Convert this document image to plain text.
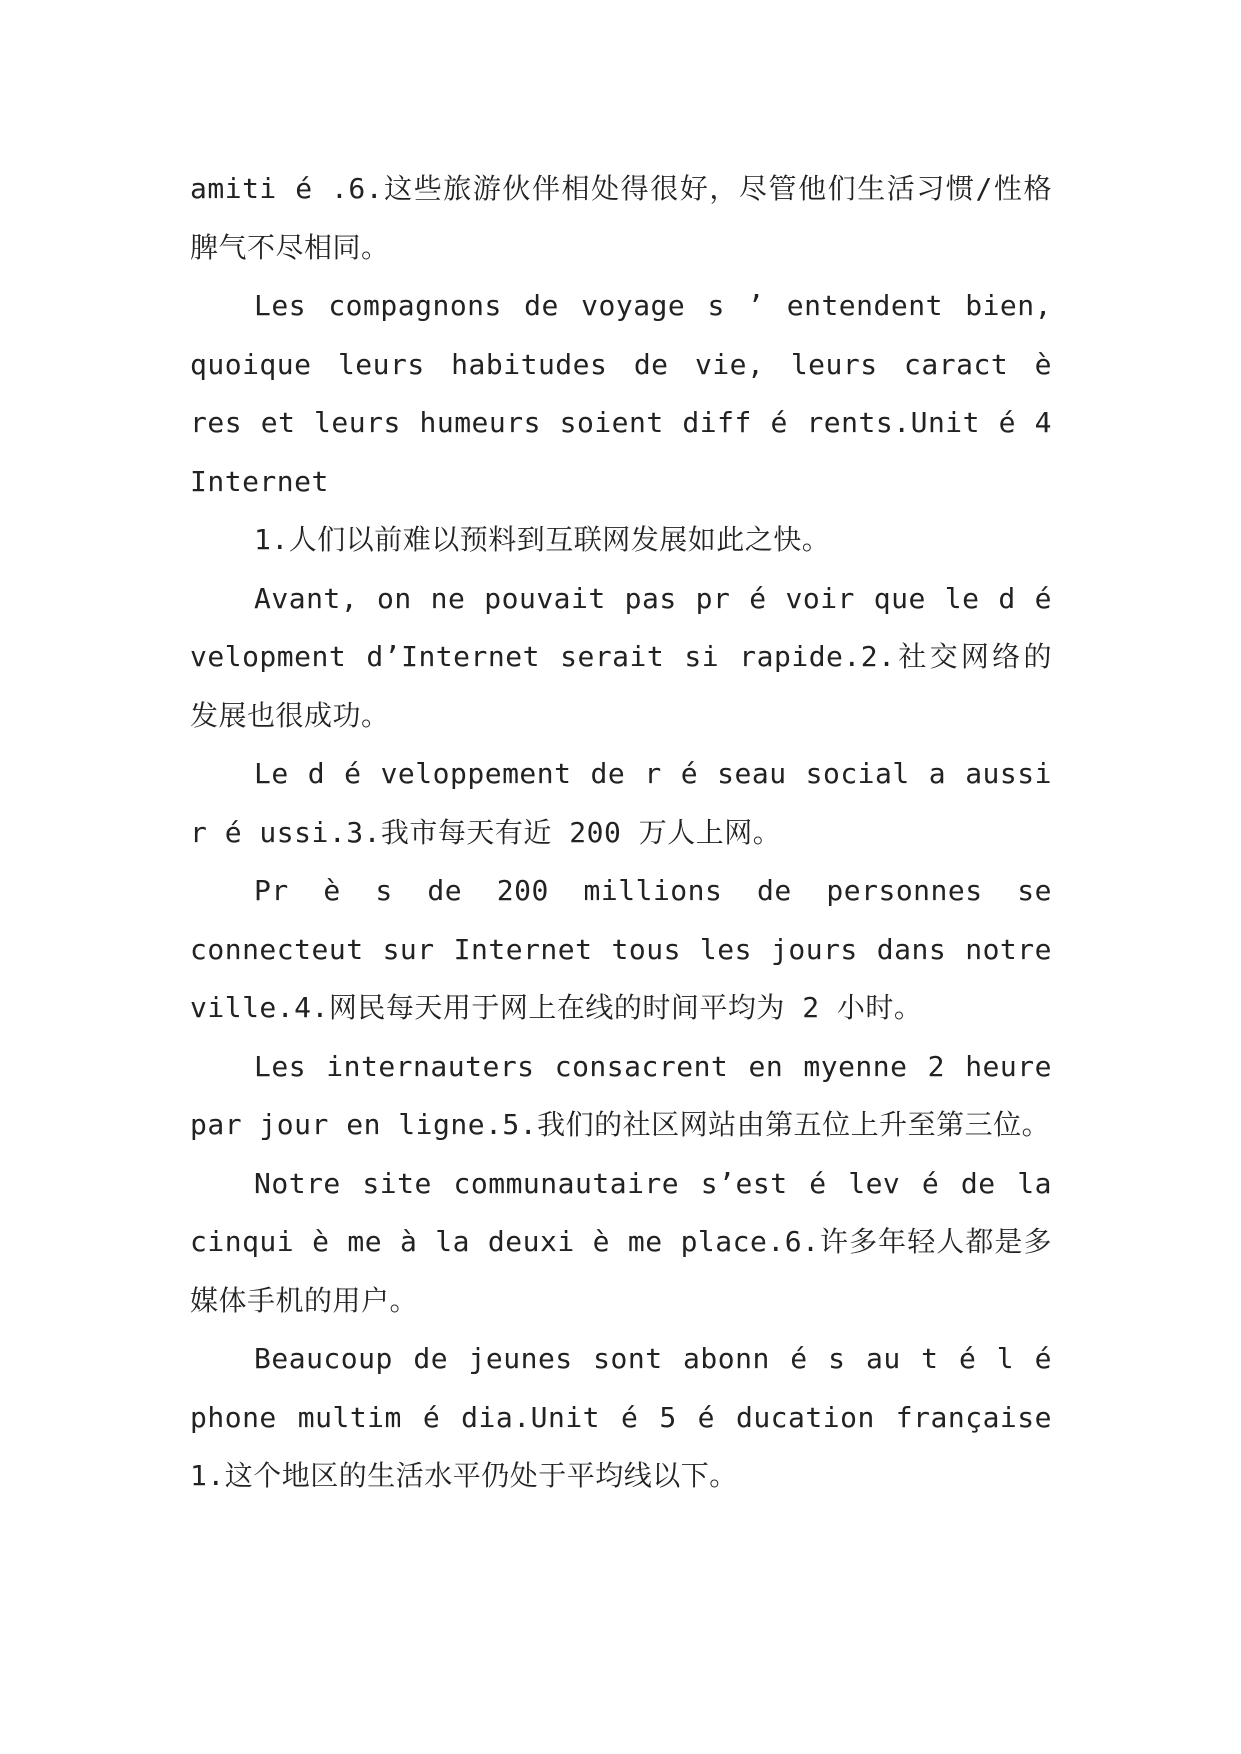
amiti é .6.这些旅游伙伴相处得很好，尽管他们生活习惯/性格脾气不尽相同。

Les compagnons de voyage s ’ entendent bien, quoique leurs habitudes de vie, leurs caract è res et leurs humeurs soient diff é rents.Unit é 4 Internet

1.人们以前难以预料到互联网发展如此之快。

Avant, on ne pouvait pas pr é voir que le d é velopment d’Internet serait si rapide.2.社交网络的发展也很成功。

Le d é veloppement de r é seau social a aussi r é ussi.3.我市每天有近 200 万人上网。

Pr è s de 200 millions de personnes se connecteut sur Internet tous les jours dans notre ville.4.网民每天用于网上在线的时间平均为 2 小时。

Les internauters consacrent en myenne 2 heure par jour en ligne.5.我们的社区网站由第五位上升至第三位。

Notre site communautaire s’est é lev é de la cinqui è me à la deuxi è me place.6.许多年轻人都是多媒体手机的用户。

Beaucoup de jeunes sont abonn é s au t é l é phone multim é dia.Unit é 5 é ducation française 1.这个地区的生活水平仍处于平均线以下。
